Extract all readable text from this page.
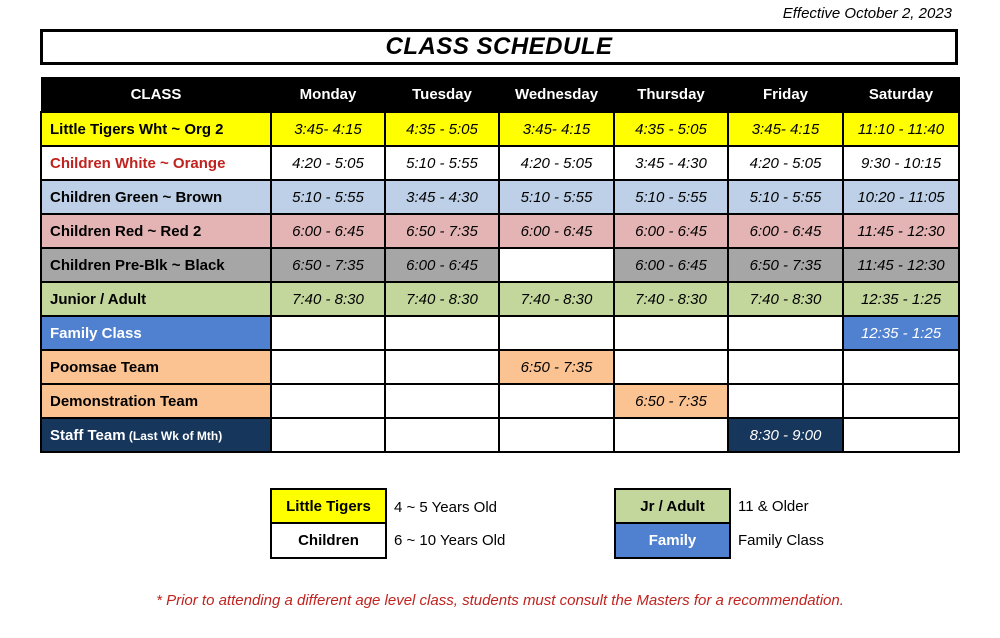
Effective October 2, 2023
CLASS SCHEDULE
CLASS	Monday	Tuesday	Wednesday	Thursday	Friday	Saturday
Little Tigers Wht ~ Org 2	3:45- 4:15	4:35 - 5:05	3:45- 4:15	4:35 - 5:05	3:45- 4:15	11:10 - 11:40
Children White ~ Orange	4:20 - 5:05	5:10 - 5:55	4:20 - 5:05	3:45 - 4:30	4:20 - 5:05	9:30 - 10:15
Children Green ~ Brown	5:10 - 5:55	3:45 - 4:30	5:10 - 5:55	5:10 - 5:55	5:10 - 5:55	10:20 - 11:05
Children Red ~ Red 2	6:00 - 6:45	6:50 - 7:35	6:00 - 6:45	6:00 - 6:45	6:00 - 6:45	11:45 - 12:30
Children Pre-Blk ~ Black	6:50 - 7:35	6:00 - 6:45		6:00 - 6:45	6:50 - 7:35	11:45 - 12:30
Junior / Adult	7:40 - 8:30	7:40 - 8:30	7:40 - 8:30	7:40 - 8:30	7:40 - 8:30	12:35 - 1:25
Family Class						12:35 - 1:25
Poomsae Team			6:50 - 7:35			
Demonstration Team				6:50 - 7:35		
Staff Team (Last Wk of Mth)					8:30 - 9:00	
Little Tigers	4 ~ 5 Years Old
Children	6 ~ 10 Years Old
Jr / Adult	11 & Older
Family	Family Class
* Prior to attending a different age level class, students must consult the Masters for a recommendation.
